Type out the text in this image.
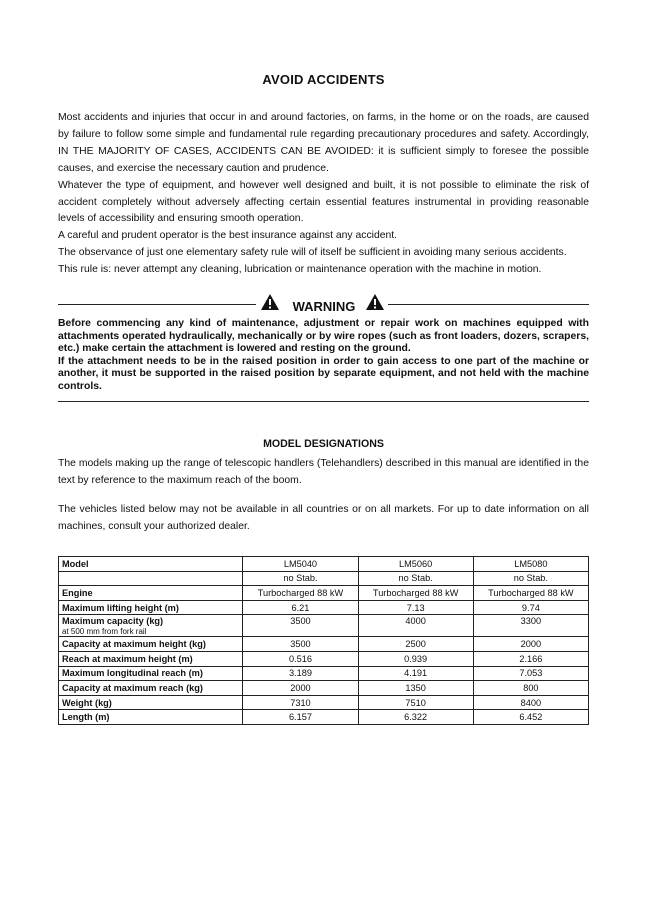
AVOID ACCIDENTS

Most accidents and injuries that occur in and around factories, on farms, in the home or on the roads, are caused by failure to follow some simple and fundamental rule regarding precautionary procedures and safety. Accordingly, IN THE MAJORITY OF CASES, ACCIDENTS CAN BE AVOIDED: it is sufficient simply to foresee the possible causes, and exercise the necessary caution and prudence.

Whatever the type of equipment, and however well designed and built, it is not possible to eliminate the risk of accident completely without adversely affecting certain essential features instrumental in providing reasonable levels of accessibility and ensuring smooth operation.

A careful and prudent operator is the best insurance against any accident.

The observance of just one elementary safety rule will of itself be sufficient in avoiding many serious accidents.

This rule is: never attempt any cleaning, lubrication or maintenance operation with the machine in motion.

WARNING

Before commencing any kind of maintenance, adjustment or repair work on machines equipped with attachments operated hydraulically, mechanically or by wire ropes (such as front loaders, dozers, scrapers, etc.) make certain the attachment is lowered and resting on the ground.

If the attachment needs to be in the raised position in order to gain access to one part of the machine or another, it must be supported in the raised position by separate equipment, and not held with the machine controls.

MODEL DESIGNATIONS

The models making up the range of telescopic handlers (Telehandlers) described in this manual are identified in the text by reference to the maximum reach of the boom.

The vehicles listed below may not be available in all countries or on all markets. For up to date information on all machines, consult your authorized dealer.

Model	LM5040	LM5060	LM5080
	no Stab.	no Stab.	no Stab.
Engine	Turbocharged 88 kW	Turbocharged 88 kW	Turbocharged 88 kW
Maximum lifting height (m)	6.21	7.13	9.74
Maximum capacity (kg)
at 500 mm from fork rail	3500	4000	3300
Capacity at maximum height (kg)	3500	2500	2000
Reach at maximum height (m)	0.516	0.939	2.166
Maximum longitudinal reach (m)	3.189	4.191	7.053
Capacity at maximum reach (kg)	2000	1350	800
Weight (kg)	7310	7510	8400
Length (m)	6.157	6.322	6.452
